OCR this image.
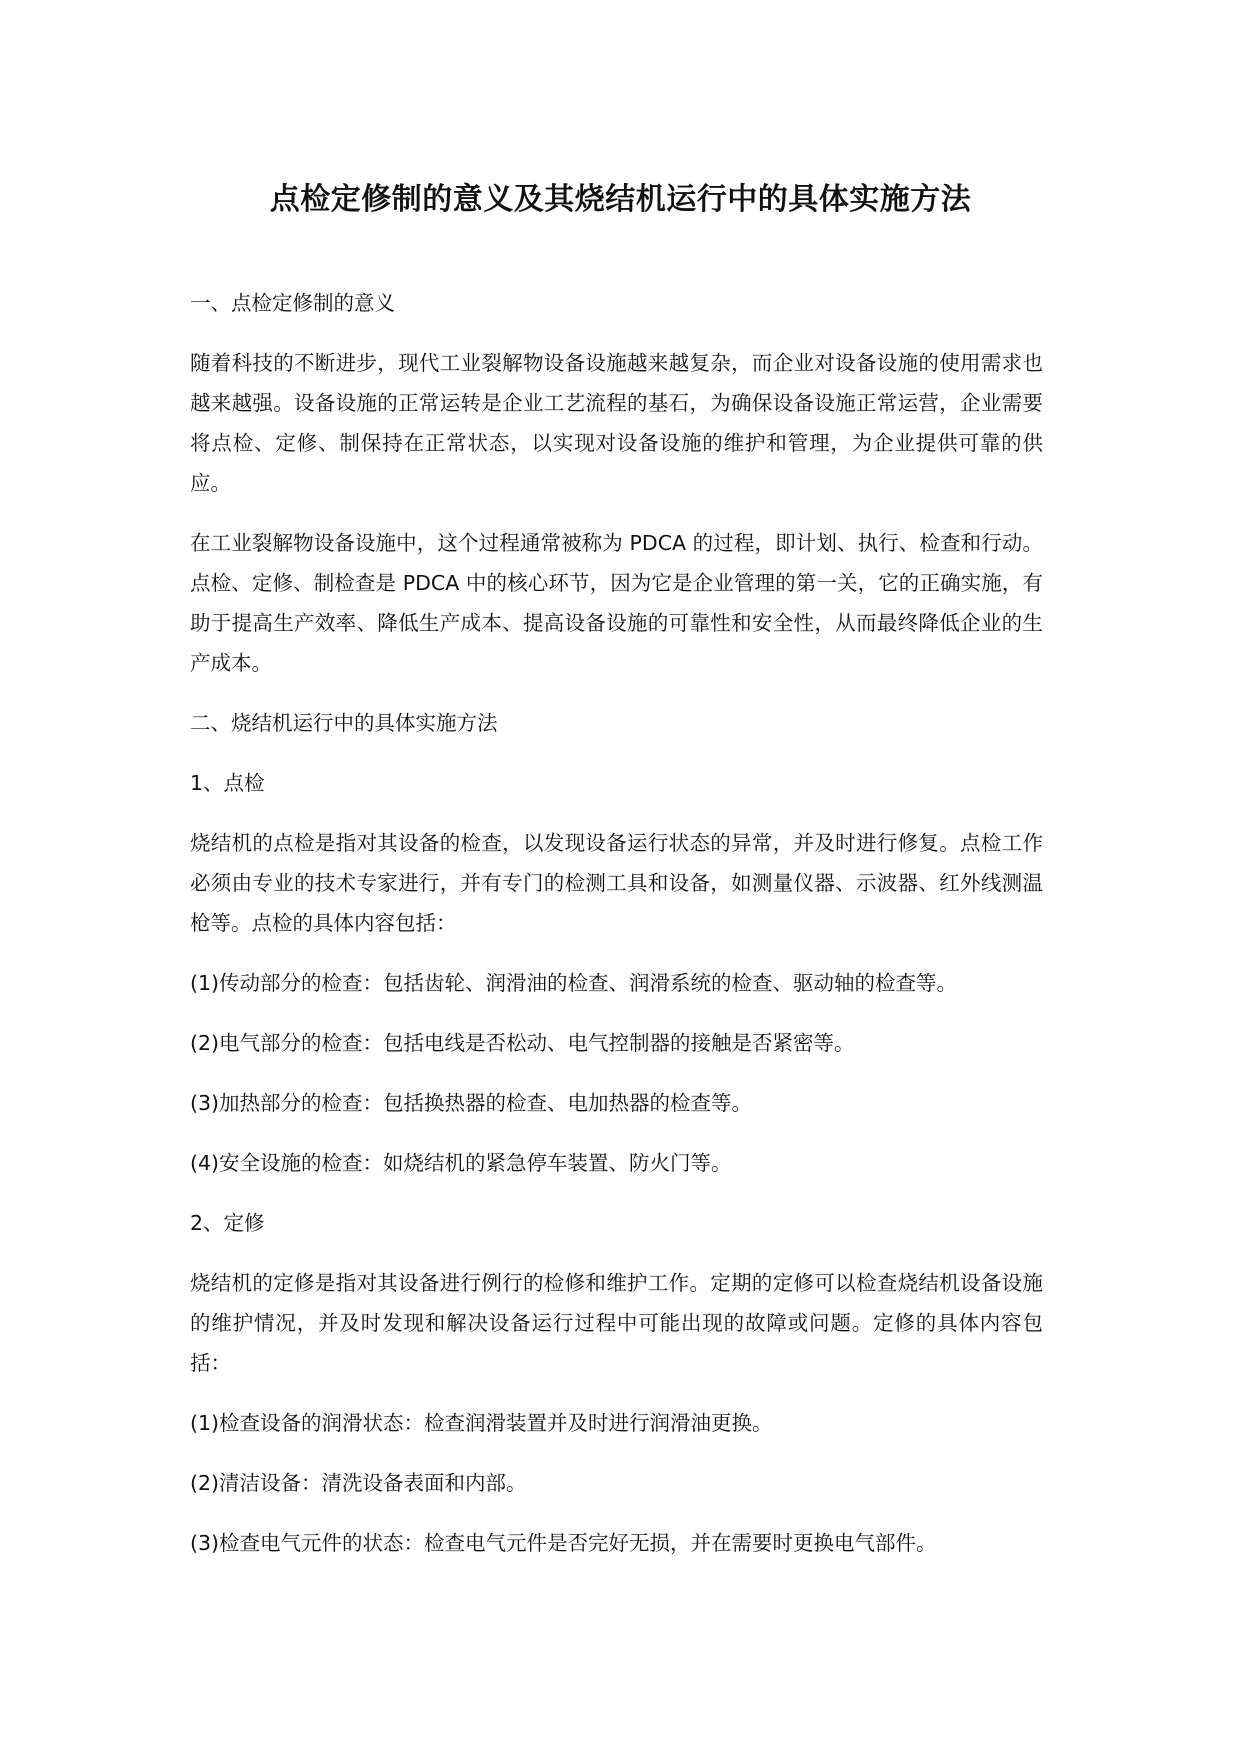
点检定修制的意义及其烧结机运行中的具体实施方法

一、点检定修制的意义

随着科技的不断进步，现代工业裂解物设备设施越来越复杂，而企业对设备设施的使用需求也越来越强。设备设施的正常运转是企业工艺流程的基石，为确保设备设施正常运营，企业需要将点检、定修、制保持在正常状态，以实现对设备设施的维护和管理，为企业提供可靠的供应。

在工业裂解物设备设施中，这个过程通常被称为 PDCA 的过程，即计划、执行、检查和行动。点检、定修、制检查是 PDCA 中的核心环节，因为它是企业管理的第一关，它的正确实施，有助于提高生产效率、降低生产成本、提高设备设施的可靠性和安全性，从而最终降低企业的生产成本。

二、烧结机运行中的具体实施方法

1、点检

烧结机的点检是指对其设备的检查，以发现设备运行状态的异常，并及时进行修复。点检工作必须由专业的技术专家进行，并有专门的检测工具和设备，如测量仪器、示波器、红外线测温枪等。点检的具体内容包括：

(1)传动部分的检查：包括齿轮、润滑油的检查、润滑系统的检查、驱动轴的检查等。

(2)电气部分的检查：包括电线是否松动、电气控制器的接触是否紧密等。

(3)加热部分的检查：包括换热器的检查、电加热器的检查等。

(4)安全设施的检查：如烧结机的紧急停车装置、防火门等。

2、定修

烧结机的定修是指对其设备进行例行的检修和维护工作。定期的定修可以检查烧结机设备设施的维护情况，并及时发现和解决设备运行过程中可能出现的故障或问题。定修的具体内容包括：

(1)检查设备的润滑状态：检查润滑装置并及时进行润滑油更换。

(2)清洁设备：清洗设备表面和内部。

(3)检查电气元件的状态：检查电气元件是否完好无损，并在需要时更换电气部件。
